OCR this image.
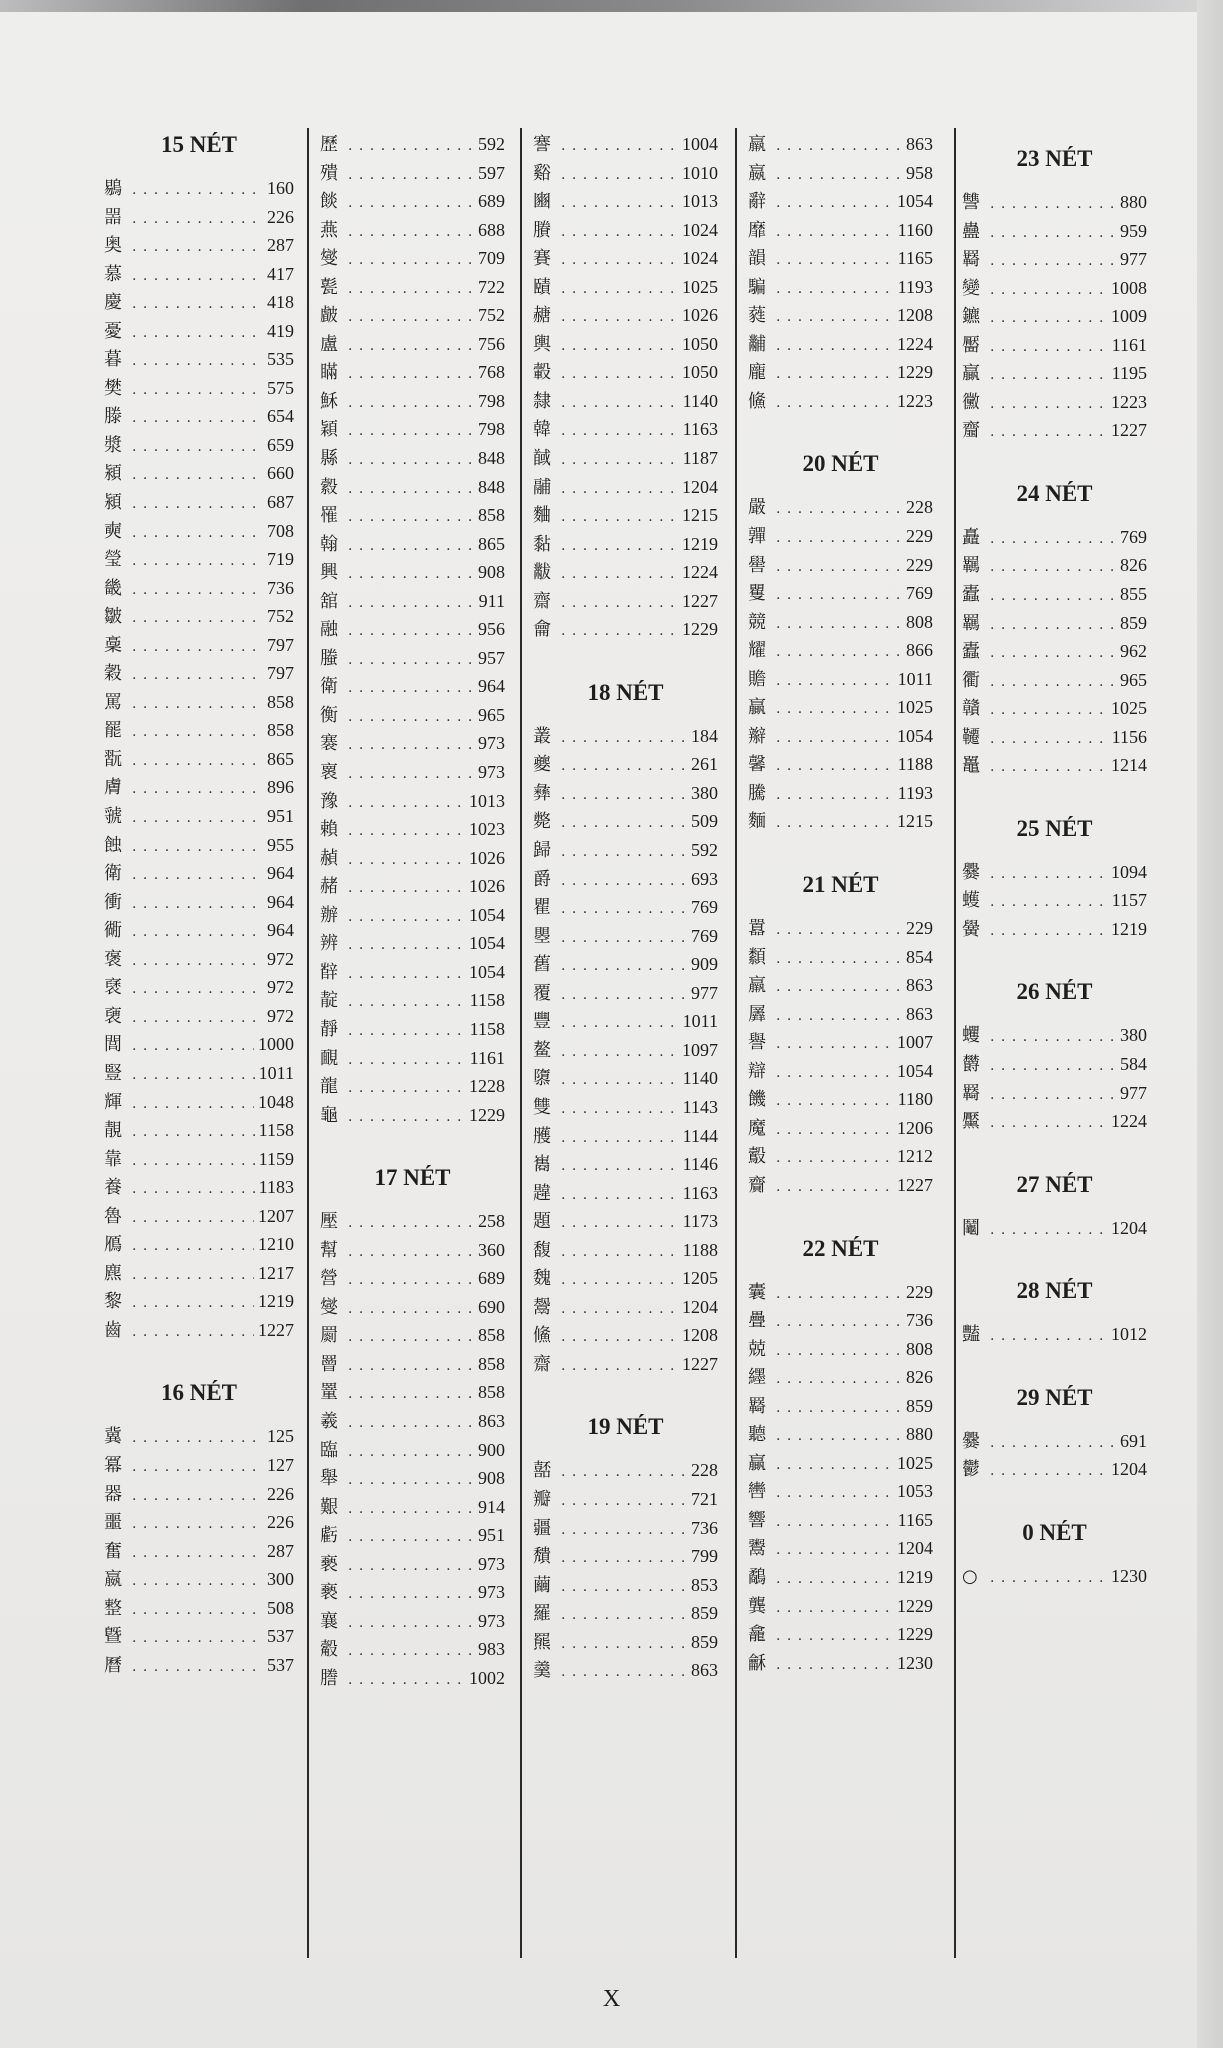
15 NÉT
鶍 . . .	160
噐 . . .	226
奥 . . .	287
慕 . . .	417
慶 . . .	418
憂 . . .	419
暮 . . .	535
樊 . . .	575
滕 . . .	654
漿 . . .	659
潁 . . .	660
潁 . . .	687
奭 . . .	708
瑩 . . .	719
畿 . . .	736
皺 . . .	752
稾 . . .	797
穀 . . .	797
罵 . . .	858
罷 . . .	858
翫 . . .	865
膚 . . .	896
虢 . . .	951
蝕 . . .	955
衛 . . .	964
衝 . . .	964
衚 . . .	964
褒 . . .	972
褎 . . .	972
褏 . . .	972
閭 . . .	1000
豎 . . .	1011
輝 . . .	1048
靚 . . .	1158
靠 . . .	1159
養 . . .	1183
魯 . . .	1207
鴈 . . .	1210
麃 . . .	1217
黎 . . .	1219
齒 . . .	1227
16 NÉT
冀 . . .	125
冪 . . .	127
器 . . .	226
噩 . . .	226
奮 . . .	287
嬴 . . .	300
整 . . .	508
曁 . . .	537
曆 . . .	537
歷 . . .	592
殨 . . .	597
餤 . . .	689
燕 . . .	688
燮 . . .	709
甏 . . .	722
皻 . . .	752
盧 . . .	756
瞞 . . .	768
穌 . . .	798
穎 . . .	798
縣 . . .	848
縠 . . .	848
罹 . . .	858
翰 . . .	865
興 . . .	908
舘 . . .	911
融 . . .	956
螣 . . .	957
衛 . . .	964
衡 . . .	965
褰 . . .	973
褱 . . .	973
豫 . . .	1013
賴 . . .	1023
赬 . . .	1026
赭 . . .	1026
辦 . . .	1054
辨 . . .	1054
辥 . . .	1054
靛 . . .	1158
靜 . . .	1158
靦 . . .	1161
龍 . . .	1228
龜 . . .	1229
17 NÉT
壓 . . .	258
幫 . . .	360
營 . . .	689
燮 . . .	690
罽 . . .	858
罾 . . .	858
罿 . . .	858
羲 . . .	863
臨 . . .	900
舉 . . .	908
艱 . . .	914
虧 . . .	951
褻 . . .	973
褻 . . .	973
襄 . . .	973
觳 . . .	983
謄 . . .	1002
謇 . . .	1004
谿 . . .	1010
豳 . . .	1013
賸 . . .	1024
賽 . . .	1024
賾 . . .	1025
赯 . . .	1026
輿 . . .	1050
轂 . . .	1050
隸 . . .	1140
韓 . . .	1163
馘 . . .	1187
鬴 . . .	1204
麯 . . .	1215
黏 . . .	1219
黻 . . .	1224
齋 . . .	1227
龠 . . .	1229
18 NÉT
叢 . . .	184
夔 . . .	261
彝 . . .	380
斃 . . .	509
歸 . . .	592
爵 . . .	693
瞿 . . .	769
瞾 . . .	769
舊 . . .	909
覆 . . .	977
豐 . . .	1011
鳌 . . .	1097
隳 . . .	1140
雙 . . .	1143
雘 . . .	1144
巂 . . .	1146
韙 . . .	1163
題 . . .	1173
馥 . . .	1188
魏 . . .	1205
鬶 . . .	1204
鯈 . . .	1208
齋 . . .	1227
19 NÉT
嚭 . . .	228
瓣 . . .	721
疆 . . .	736
穨 . . .	799
繭 . . .	853
羅 . . .	859
羆 . . .	859
羹 . . .	863
羸 . . .	863
嬴 . . .	958
辭 . . .	1054
靡 . . .	1160
韻 . . .	1165
騙 . . .	1193
蕤 . . .	1208
黼 . . .	1224
龐 . . .	1229
鯈 . . .	1223
20 NÉT
嚴 . . .	228
嚲 . . .	229
嚳 . . .	229
矍 . . .	769
競 . . .	808
耀 . . .	866
贍 . . .	1011
贏 . . .	1025
辮 . . .	1054
馨 . . .	1188
騰 . . .	1193
麵 . . .	1215
21 NÉT
囂 . . .	229
纇 . . .	854
羸 . . .	863
羼 . . .	863
譽 . . .	1007
辯 . . .	1054
饑 . . .	1180
魔 . . .	1206
鷇 . . .	1212
齎 . . .	1227
22 NÉT
囊 . . .	229
疊 . . .	736
兢 . . .	808
纆 . . .	826
羇 . . .	859
聽 . . .	880
贏 . . .	1025
轡 . . .	1053
響 . . .	1165
鬻 . . .	1204
鷸 . . .	1219
龔 . . .	1229
龕 . . .	1229
龢 . . .	1230
23 NÉT
讐 . . .	880
蠱 . . .	959
羇 . . .	977
變 . . .	1008
鑣 . . .	1009
靨 . . .	1161
贏 . . .	1195
黴 . . .	1223
齏 . . .	1227
24 NÉT
矗 . . .	769
羈 . . .	826
蠹 . . .	855
羈 . . .	859
蠹 . . .	962
衢 . . .	965
贛 . . .	1025
韆 . . .	1156
鼉 . . .	1214
25 NÉT
爨 . . .	1094
蠖 . . .	1157
黌 . . .	1219
26 NÉT
蠼 . . .	380
欝 . . .	584
羇 . . .	977
黶 . . .	1224
27 NÉT
鬮 . . .	1204
28 NÉT
豔 . . .	1012
29 NÉT
爨 . . .	691
鬱 . . .	1204
0 NÉT
○ . . .	1230
X
